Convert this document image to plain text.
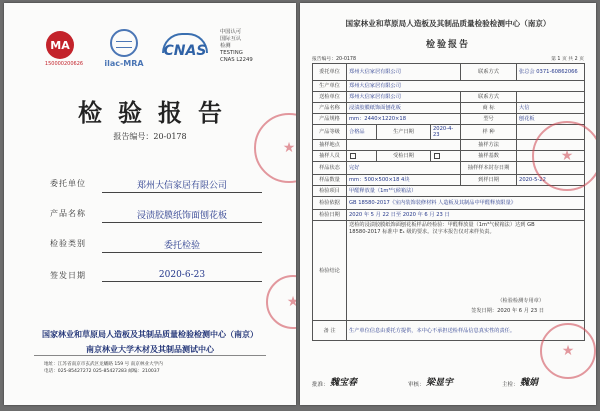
MA
150000200626	ilac-MRA
CNAS
中国认可
国际互认
检测
TESTING
CNAS L2249
检验报告
报告编号：20-0178
委托单位	郑州大信家居有限公司
产品名称	浸渍胶膜纸饰面刨花板
检验类别	委托检验
签发日期	2020-6-23
国家林业和草原局人造板及其制品质量检验检测中心（南京）
南京林业大学木材及其制品测试中心
地址：江苏省南京市玄武区龙蟠路 159 号 南京林业大学内
电话：025-85427272 025-85427283 邮编：210037
★
★
国家林业和草原局人造板及其制品质量检验检测中心（南京）
检验报告
报告编号：20-0178	第 1 页 共 2 页
委托单位	郑州大信家居有限公司			联系方式	张总会 0371-60862066
生产单位	郑州大信家居有限公司				
送检单位	郑州大信家居有限公司			联系方式	
产品名称	浸渍胶膜纸饰面刨花板			商 标	大信
产品规格	mm：2440×1220×18			型号	刨花板
产品等级	合格品	生产日期	2020-4-23	样 种	
抽样地点				抽样方法	
抽样人员		受检日期		抽样基数	
样品状态	完好			抽样样本封存日期	
样品数量	mm：500×500×18 4块			到样日期	2020-5-22
检验项目	甲醛释放量（1m³气候箱法）				
检验依据	GB 18580-2017《室内装饰装修材料 人造板及其制品中甲醛释放限量》				
检验日期	2020 年 5 月 22 日至 2020 年 6 月 23 日				
检验结论	送检的浸渍胶膜纸饰面刨花板样品经检验：甲醛释放量（1m³气候箱法）达到 GB 18580-2017 标准中 E₁ 级的要求。汉字本报告仅对来样负责。
（检验检测专用章）
签发日期：2020 年 6 月 23 日				

备 注	生产单位信息由委托方提供，本中心不承担送检样品信息真实性的责任。				
批准： 魏宝春	审核： 梁显宇	主检： 魏娟
★
★
